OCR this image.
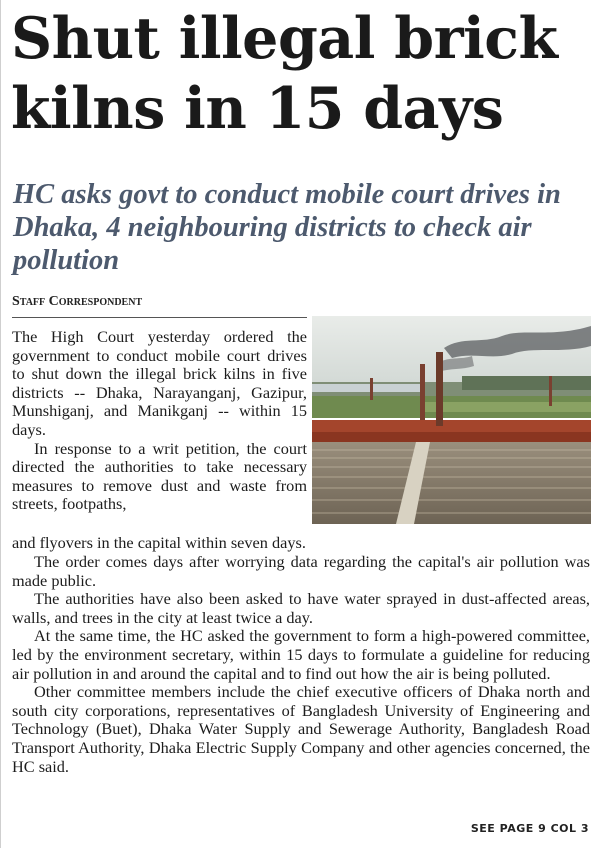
Shut illegal brick kilns in 15 days
HC asks govt to conduct mobile court drives in Dhaka, 4 neighbouring districts to check air pollution
Staff Correspondent

The High Court yesterday ordered the government to conduct mobile court drives to shut down the illegal brick kilns in five districts -- Dhaka, Narayanganj, Gazipur, Munshiganj, and Manikganj -- within 15 days.

In response to a writ petition, the court directed the authorities to take necessary measures to remove dust and waste from streets, footpaths,

and flyovers in the capital within seven days.

The order comes days after worrying data regarding the capital's air pollution was made public.

The authorities have also been asked to have water sprayed in dust-affected areas, walls, and trees in the city at least twice a day.

At the same time, the HC asked the government to form a high-powered committee, led by the environment secretary, within 15 days to formulate a guideline for reducing air pollution in and around the capital and to find out how the air is being polluted.

Other committee members include the chief executive officers of Dhaka north and south city corporations, representatives of Bangladesh University of Engineering and Technology (Buet), Dhaka Water Supply and Sewerage Authority, Bangladesh Road Transport Authority, Dhaka Electric Supply Company and other agencies concerned, the HC said.

SEE PAGE 9 COL 3
